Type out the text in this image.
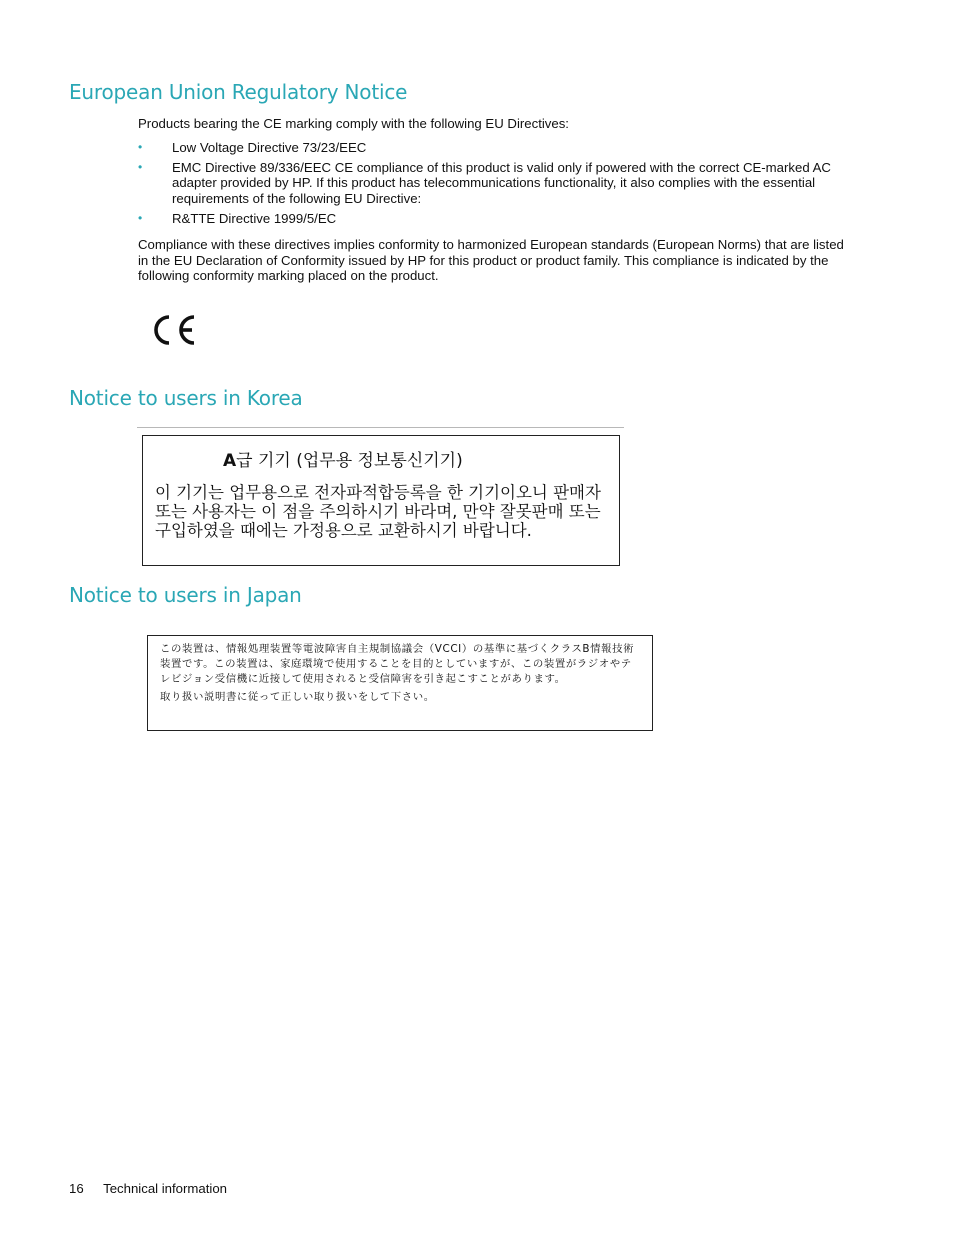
European Union Regulatory Notice

Products bearing the CE marking comply with the following EU Directives:

• Low Voltage Directive 73/23/EEC
• EMC Directive 89/336/EEC CE compliance of this product is valid only if powered with the correct CE-marked AC adapter provided by HP. If this product has telecommunications functionality, it also complies with the essential requirements of the following EU Directive:
• R&TTE Directive 1999/5/EC

Compliance with these directives implies conformity to harmonized European standards (European Norms) that are listed in the EU Declaration of Conformity issued by HP for this product or product family. This compliance is indicated by the following conformity marking placed on the product.

Notice to users in Korea
A급 기기 (업무용 정보통신기기)
이 기기는 업무용으로 전자파적합등록을 한 기기이오니 판매자 또는 사용자는 이 점을 주의하시기 바라며, 만약 잘못판매 또는 구입하였을 때에는 가정용으로 교환하시기 바랍니다.
Notice to users in Japan
この装置は、情報処理装置等電波障害自主規制協議会（VCCI）の基準に基づくクラスB情報技術装置です。この装置は、家庭環境で使用することを目的としていますが、この装置がラジオやテレビジョン受信機に近接して使用されると受信障害を引き起こすことがあります。
取り扱い説明書に従って正しい取り扱いをして下さい。
16 Technical information
